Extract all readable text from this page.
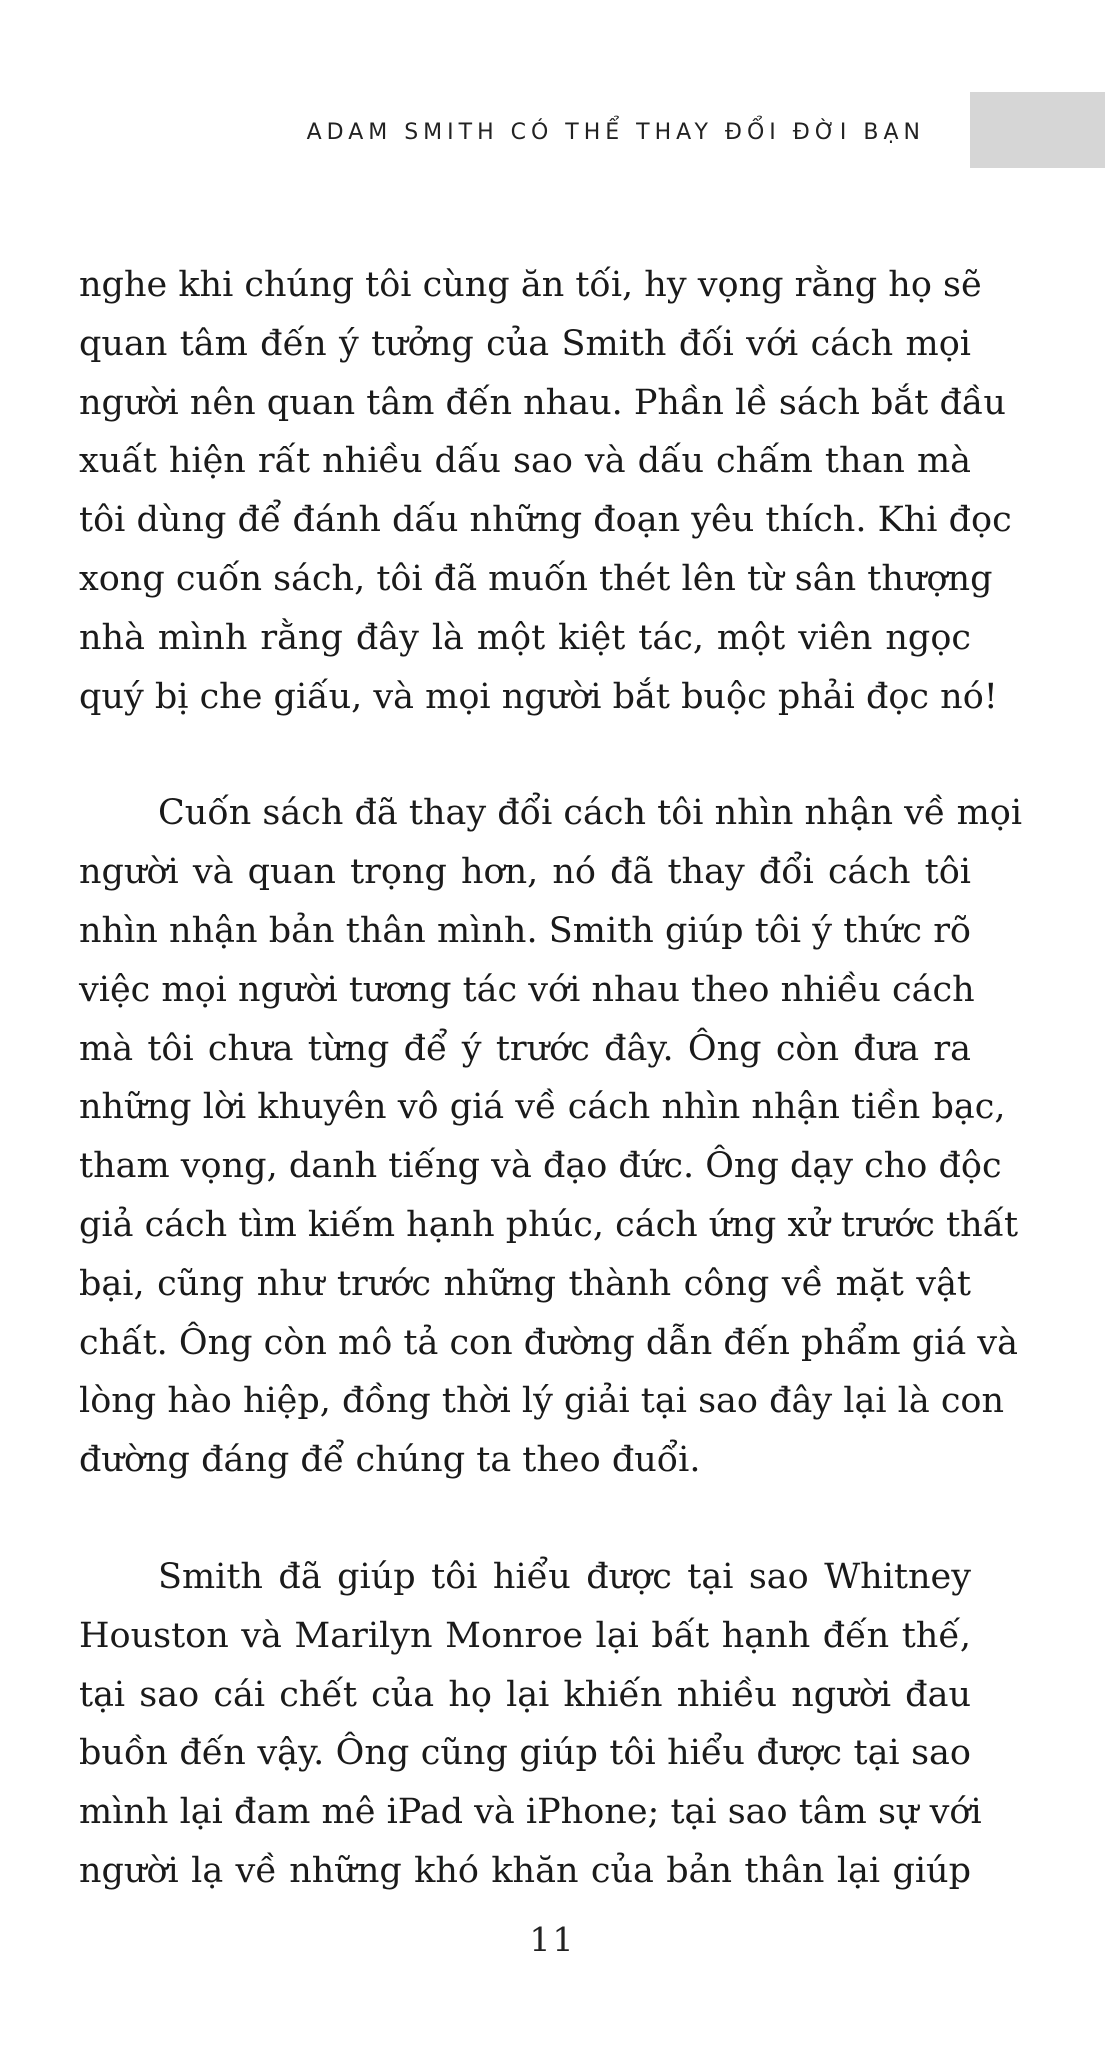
ADAM SMITH CÓ THỂ THAY ĐỔI ĐỜI BẠN

nghe khi chúng tôi cùng ăn tối, hy vọng rằng họ sẽ
quan tâm đến ý tưởng của Smith đối với cách mọi
người nên quan tâm đến nhau. Phần lề sách bắt đầu
xuất hiện rất nhiều dấu sao và dấu chấm than mà
tôi dùng để đánh dấu những đoạn yêu thích. Khi đọc
xong cuốn sách, tôi đã muốn thét lên từ sân thượng
nhà mình rằng đây là một kiệt tác, một viên ngọc
quý bị che giấu, và mọi người bắt buộc phải đọc nó!

Cuốn sách đã thay đổi cách tôi nhìn nhận về mọi
người và quan trọng hơn, nó đã thay đổi cách tôi
nhìn nhận bản thân mình. Smith giúp tôi ý thức rõ
việc mọi người tương tác với nhau theo nhiều cách
mà tôi chưa từng để ý trước đây. Ông còn đưa ra
những lời khuyên vô giá về cách nhìn nhận tiền bạc,
tham vọng, danh tiếng và đạo đức. Ông dạy cho độc
giả cách tìm kiếm hạnh phúc, cách ứng xử trước thất
bại, cũng như trước những thành công về mặt vật
chất. Ông còn mô tả con đường dẫn đến phẩm giá và
lòng hào hiệp, đồng thời lý giải tại sao đây lại là con
đường đáng để chúng ta theo đuổi.

Smith đã giúp tôi hiểu được tại sao Whitney
Houston và Marilyn Monroe lại bất hạnh đến thế,
tại sao cái chết của họ lại khiến nhiều người đau
buồn đến vậy. Ông cũng giúp tôi hiểu được tại sao
mình lại đam mê iPad và iPhone; tại sao tâm sự với
người lạ về những khó khăn của bản thân lại giúp

11
